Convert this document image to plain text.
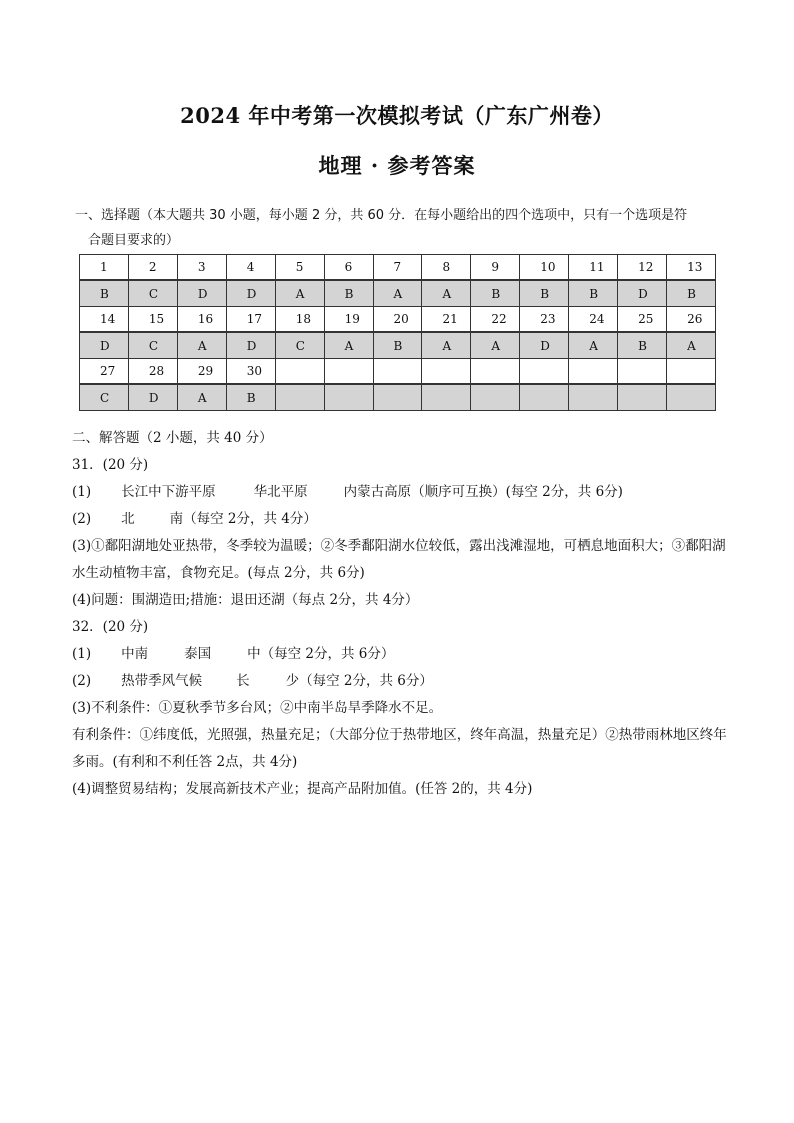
2024 年中考第一次模拟考试（广东广州卷）
地理 · 参考答案
一、选择题（本大题共 30 小题，每小题 2 分，共 60 分．在每小题给出的四个选项中，只有一个选项是符
合题目要求的）
1	2	3	4	5	6	7	8	9	10	11	12	13
B	C	D	D	A	B	A	A	B	B	B	D	B
14	15	16	17	18	19	20	21	22	23	24	25	26
D	C	A	D	C	A	B	A	A	D	A	B	A
27	28	29	30									
C	D	A	B									
二、解答题（2 小题，共 40 分）
31．(20 分)
(1) 长江中下游平原	华北平原	内蒙古高原（顺序可互换）(每空 2分，共 6分)
(2) 北	南（每空 2分，共 4分）
(3)①鄱阳湖地处亚热带，冬季较为温暖；②冬季鄱阳湖水位较低，露出浅滩湿地，可栖息地面积大；③鄱阳湖水生动植物丰富，食物充足。(每点 2分，共 6分)
(4)问题：围湖造田;措施：退田还湖（每点 2分，共 4分）
32．(20 分)
(1) 中南	泰国	中（每空 2分，共 6分）
(2) 热带季风气候	长	少（每空 2分，共 6分）
(3)不利条件：①夏秋季节多台风；②中南半岛旱季降水不足。
有利条件：①纬度低，光照强，热量充足；（大部分位于热带地区，终年高温，热量充足）②热带雨林地区终年多雨。(有利和不利任答 2点，共 4分)
(4)调整贸易结构；发展高新技术产业；提高产品附加值。(任答 2的，共 4分)
